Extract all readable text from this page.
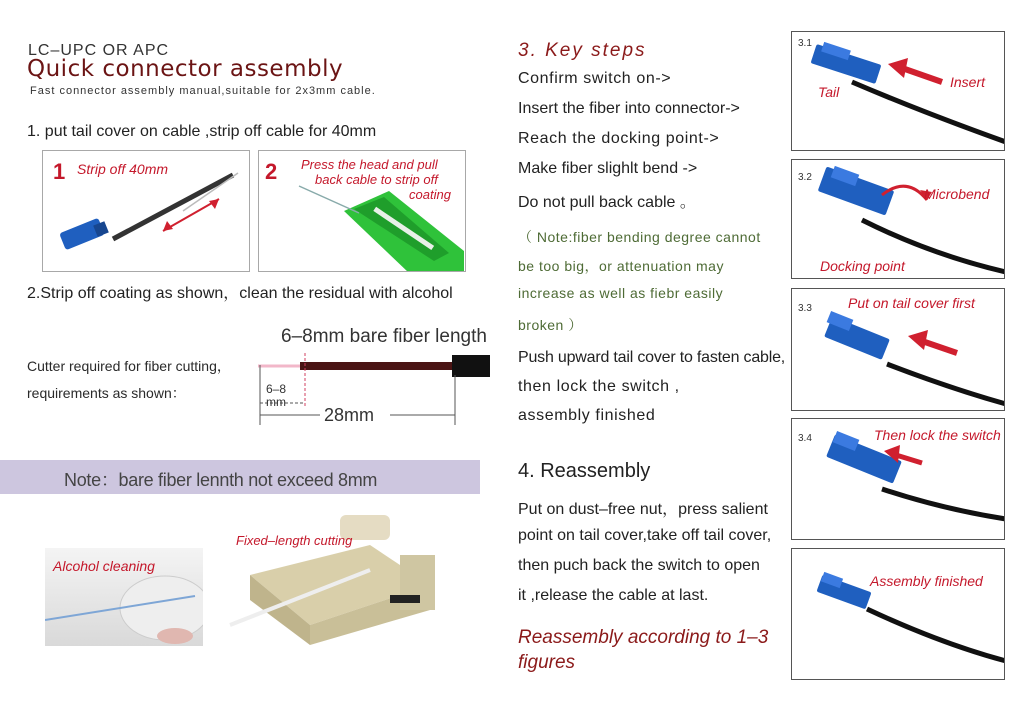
LC–UPC OR APC
Quick connector assembly
Fast connector assembly manual,suitable for 2x3mm cable.
1. put tail cover on cable ,strip off cable for 40mm
1 Strip off 40mm	2 Press the head and pull
back cable to strip off
coating
2.Strip off coating as shown，clean the residual with alcohol
6–8mm bare fiber length
Cutter required for fiber cutting，
requirements as shown：	6–8
mm
28mm
Note：bare fiber lennth not exceed 8mm
Alcohol cleaning
Fixed–length cutting
3. Key steps
Confirm switch on->
Insert the fiber into connector->
Reach the docking point->
Make fiber slighlt bend ->
Do not pull back cable 。
（ Note:fiber bending degree cannot
be too big，or attenuation may
increase as well as fiebr easily
broken ）
Push upward tail cover to fasten cable,
then lock the switch ,
assembly finished
4. Reassembly
Put on dust–free nut，press salient
point on tail cover,take off tail cover,
then puch back the switch to open
it ,release the cable at last.
Reassembly according to 1–3
figures
3.1
Insert
Tail
3.2
Microbend
Docking point
3.3	Put on tail cover first
3.4	Then lock the switch
Assembly finished
